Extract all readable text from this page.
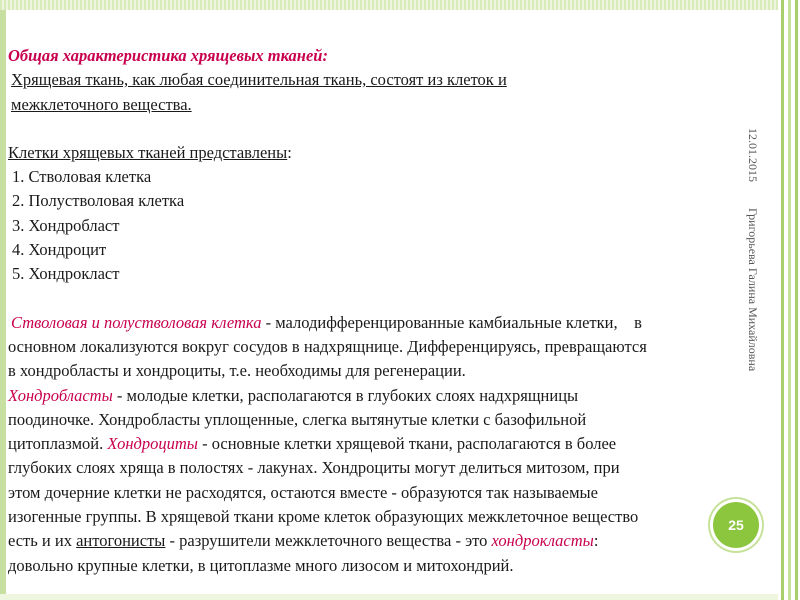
Общая характеристика хрящевых тканей:

Хрящевая ткань, как любая соединительная ткань, состоят из клеток и

межклеточного вещества.

Клетки хрящевых тканей представлены:

1. Стволовая клетка

2. Полустволовая клетка

3. Хондробласт

4. Хондроцит

5. Хондрокласт

Стволовая и полустволовая клетка - малодифференцированные камбиальные клетки,    в

основном локализуются вокруг сосудов в надхрящнице. Дифференцируясь, превращаются

в хондробласты и хондроциты, т.е. необходимы для регенерации.

Хондробласты - молодые клетки, располагаются в глубоких слоях надхрящницы

поодиночке. Хондробласты уплощенные, слегка вытянутые клетки с базофильной

цитоплазмой. Хондроциты - основные клетки хрящевой ткани, располагаются в более

глубоких слоях хряща в полостях - лакунах. Хондроциты могут делиться митозом, при

этом дочерние клетки не расходятся, остаются вместе - образуются так называемые

изогенные группы. В хрящевой ткани кроме клеток образующих межклеточное вещество

есть и их антогонисты - разрушители межклеточного вещества - это хондрокласты:

довольно крупные клетки, в цитоплазме много лизосом и митохондрий.

12.01.2015
Григорьева Галина Михайловна
25
